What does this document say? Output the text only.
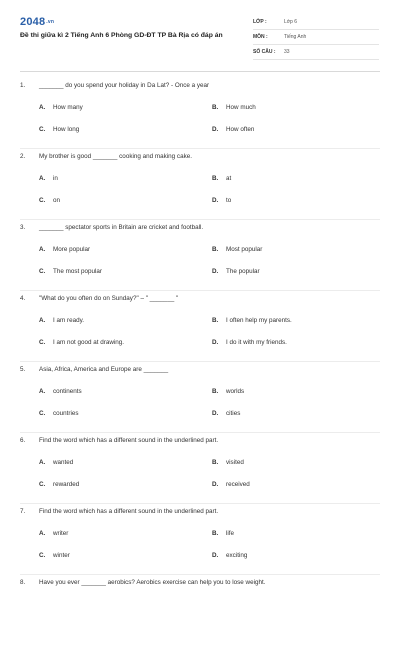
2048.vn
Đề thi giữa kì 2 Tiếng Anh 6 Phòng GD-ĐT TP Bà Rịa có đáp án
LỚP :	Lớp 6
MÔN :	Tiếng Anh
SỐ CÂU :	33
1.	_______ do you spend your holiday in Da Lat? - Once a year
A.	How many	B.	How much
C.	How long	D.	How often
2.	My brother is good _______ cooking and making cake.
A.	in	B.	at
C.	on	D.	to
3.	_______ spectator sports in Britain are cricket and football.
A.	More popular	B.	Most popular
C.	The most popular	D.	The popular
4.	"What do you often do on Sunday?" – " _______ "
A.	I am ready.	B.	I often help my parents.
C.	I am not good at drawing.	D.	I do it with my friends.
5.	Asia, Africa, America and Europe are _______
A.	continents	B.	worlds
C.	countries	D.	cities
6.	Find the word which has a different sound in the underlined part.
A.	wanted	B.	visited
C.	rewarded	D.	received
7.	Find the word which has a different sound in the underlined part.
A.	writer	B.	life
C.	winter	D.	exciting
8.	Have you ever _______ aerobics? Aerobics exercise can help you to lose weight.
